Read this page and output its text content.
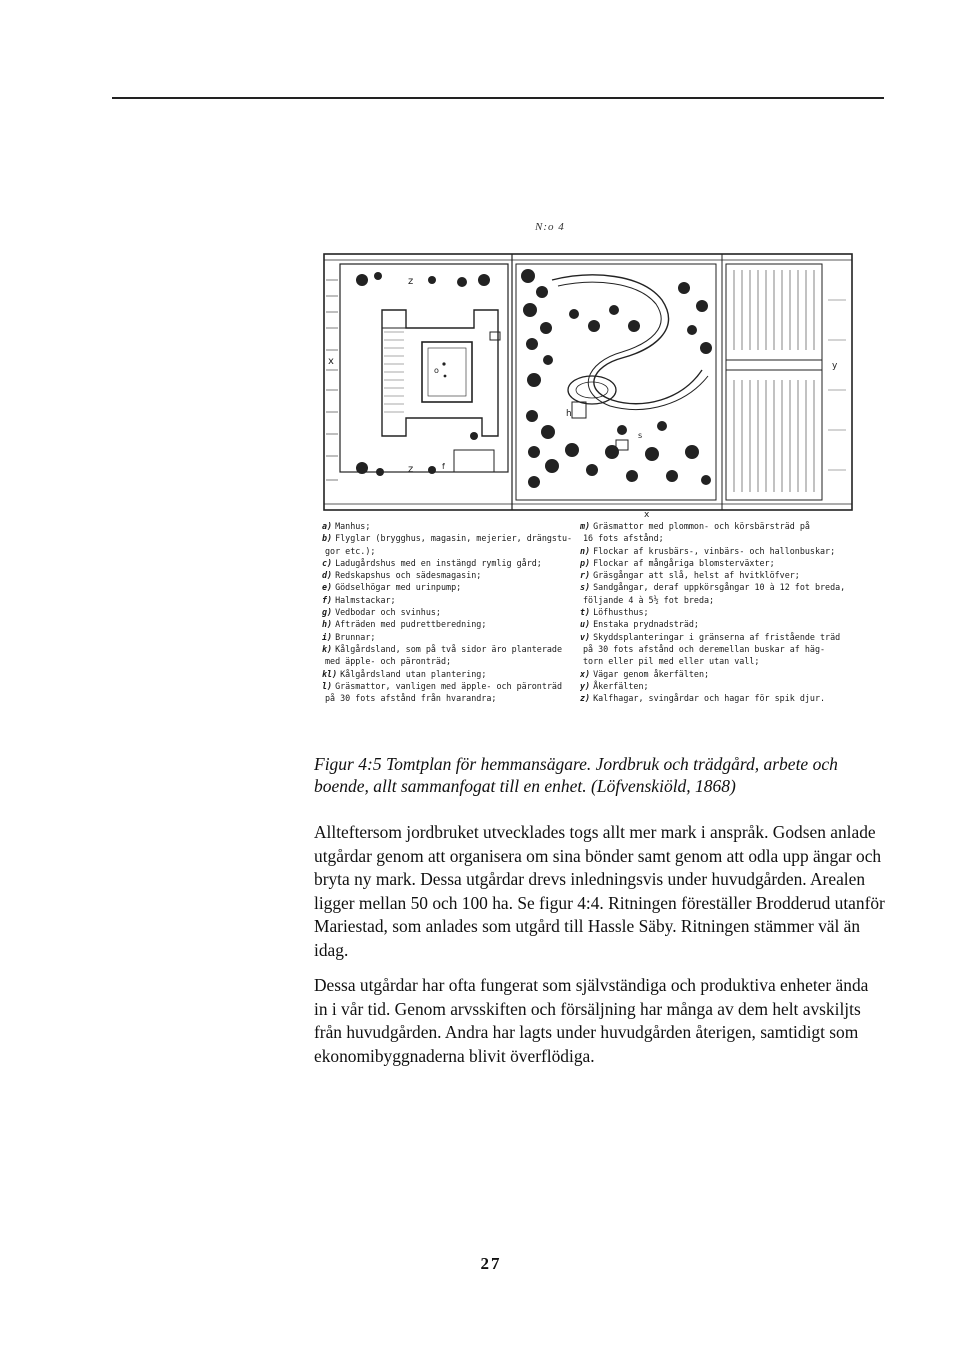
N:o 4
z
z	f
x
o
h
s
y
x
a) Manhus;
b) Flyglar (brygghus, magasin, mejerier, drängstu-
gor etc.);
c) Ladugårdshus med en instängd rymlig gård;
d) Redskapshus och sädesmagasin;
e) Gödselhögar med urinpump;
f) Halmstackar;
g) Vedbodar och svinhus;
h) Afträden med pudrettberedning;
i) Brunnar;
k) Kålgårdsland, som på två sidor äro planterade
med äpple- och päronträd;
kl) Kålgårdsland utan plantering;
l) Gräsmattor, vanligen med äpple- och päronträd
på 30 fots afstånd från hvarandra;
m) Gräsmattor med plommon- och körsbärsträd på
16 fots afstånd;
n) Flockar af krusbärs-, vinbärs- och hallonbuskar;
p) Flockar af mångåriga blomsterväxter;
r) Gräsgångar att slå, helst af hvitklöfver;
s) Sandgångar, deraf uppkörsgångar 10 à 12 fot breda,
följande 4 à 5½ fot breda;
t) Löfhusthus;
u) Enstaka prydnadsträd;
v) Skyddsplanteringar i gränserna af fristående träd
på 30 fots afstånd och deremellan buskar af häg-
torn eller pil med eller utan vall;
x) Vägar genom åkerfälten;
y) Åkerfälten;
z) Kalfhagar, svingårdar och hagar för spik djur.
Figur 4:5 Tomtplan för hemmansägare. Jordbruk och trädgård, arbete och boende, allt sammanfogat till en enhet. (Löfvenskiöld, 1868)

Allteftersom jordbruket utvecklades togs allt mer mark i anspråk. Godsen anlade utgårdar genom att organisera om sina bönder samt genom att odla upp ängar och bryta ny mark. Dessa utgårdar drevs inledningsvis under huvudgården. Arealen ligger mellan 50 och 100 ha. Se figur 4:4. Ritningen föreställer Brodderud utanför Mariestad, som anlades som utgård till Hassle Säby. Ritningen stämmer väl än idag.

Dessa utgårdar har ofta fungerat som självständiga och produktiva enheter ända in i vår tid. Genom arvsskiften och försäljning har många av dem helt avskiljts från huvudgården. Andra har lagts under huvudgården återigen, samtidigt som ekonomibyggnaderna blivit överflödiga.

27
